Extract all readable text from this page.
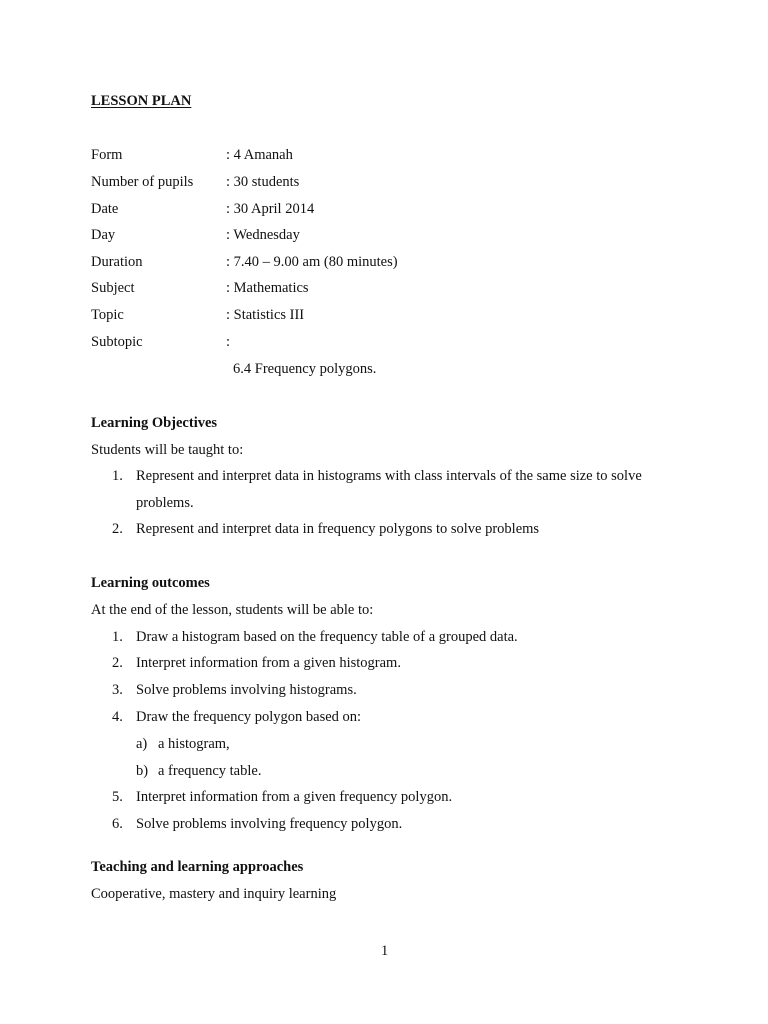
LESSON PLAN
Form	: 4 Amanah
Number of pupils : 30 students
Date	: 30 April 2014
Day	: Wednesday
Duration	: 7.40 – 9.00 am (80 minutes)
Subject	: Mathematics
Topic	: Statistics III
Subtopic	:
6.4 Frequency polygons.
Learning Objectives
Students will be taught to:
1. Represent and interpret data in histograms with class intervals of the same size to solve
problems.
2. Represent and interpret data in frequency polygons to solve problems
Learning outcomes
At the end of the lesson, students will be able to:
1. Draw a histogram based on the frequency table of a grouped data.
2. Interpret information from a given histogram.
3. Solve problems involving histograms.
4. Draw the frequency polygon based on:
a) a histogram,
b) a frequency table.
5. Interpret information from a given frequency polygon.
6. Solve problems involving frequency polygon.
Teaching and learning approaches
Cooperative, mastery and inquiry learning
1
